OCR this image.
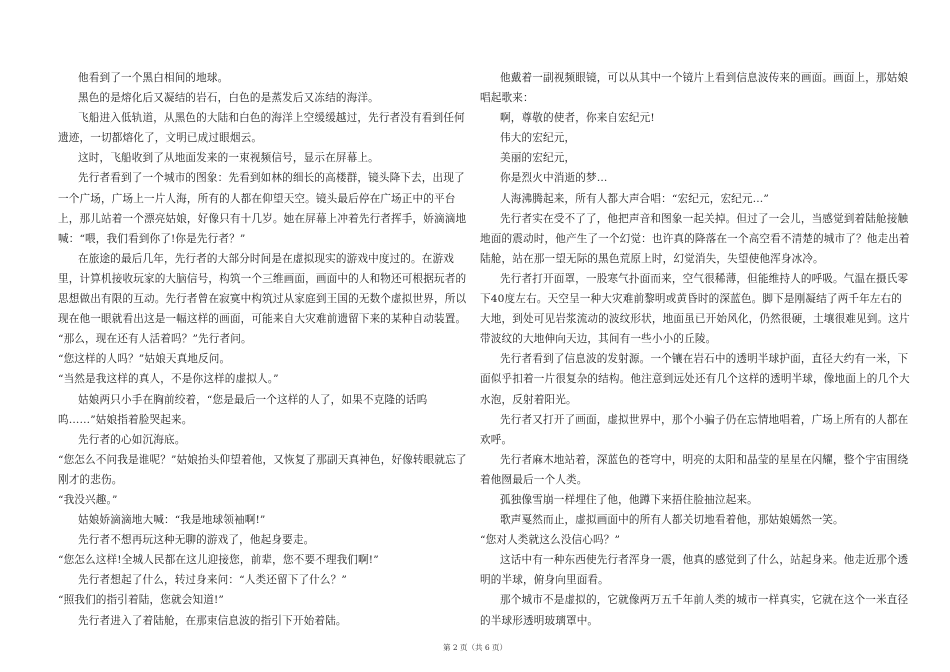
他看到了一个黑白相间的地球。

黑色的是熔化后又凝结的岩石，白色的是蒸发后又冻结的海洋。

飞船进入低轨道，从黑色的大陆和白色的海洋上空缓缓越过，先行者没有看到任何遗迹，一切都熔化了，文明已成过眼烟云。

这时，飞船收到了从地面发来的一束视频信号，显示在屏幕上。

先行者看到了一个城市的图象：先看到如林的细长的高楼群，镜头降下去，出现了一个广场，广场上一片人海，所有的人都在仰望天空。镜头最后停在广场正中的平台上，那儿站着一个漂亮姑娘，好像只有十几岁。她在屏幕上冲着先行者挥手，娇滴滴地喊：“喂，我们看到你了!你是先行者？”

在旅途的最后几年，先行者的大部分时间是在虚拟现实的游戏中度过的。在游戏里，计算机接收玩家的大脑信号，构筑一个三维画面，画面中的人和物还可根据玩者的思想做出有限的互动。先行者曾在寂寞中构筑过从家庭到王国的无数个虚拟世界，所以现在他一眼就看出这是一幅这样的画面，可能来自大灾难前遗留下来的某种自动装置。

“那么，现在还有人活着吗？”先行者问。

“您这样的人吗？”姑娘天真地反问。

“当然是我这样的真人，不是你这样的虚拟人。”

姑娘两只小手在胸前绞着，“您是最后一个这样的人了，如果不克隆的话呜呜……”姑娘指着脸哭起来。

先行者的心如沉海底。

“您怎么不问我是谁呢？”姑娘抬头仰望着他，又恢复了那副天真神色，好像转眼就忘了刚才的悲伤。

“我没兴趣。”

姑娘娇滴滴地大喊：“我是地球领袖啊!”

先行者不想再玩这种无聊的游戏了，他起身要走。

“您怎么这样!全城人民都在这儿迎接您，前辈，您不要不理我们啊!”

先行者想起了什么，转过身来问：“人类还留下了什么？”

“照我们的指引着陆，您就会知道!”

先行者进入了着陆舱，在那束信息波的指引下开始着陆。

他戴着一副视频眼镜，可以从其中一个镜片上看到信息波传来的画面。画面上，那姑娘唱起歌来：

啊，尊敬的使者，你来自宏纪元!

伟大的宏纪元，

美丽的宏纪元，

你是烈火中消逝的梦…

人海沸腾起来，所有人都大声合唱：“宏纪元，宏纪元…”

先行者实在受不了了，他把声音和图象一起关掉。但过了一会儿，当感觉到着陆舱接触地面的震动时，他产生了一个幻觉：也许真的降落在一个高空看不清楚的城市了？他走出着陆舱，站在那一望无际的黑色荒原上时，幻觉消失，失望使他浑身冰冷。

先行者打开面罩，一股寒气扑面而来，空气很稀薄，但能维持人的呼吸。气温在摄氏零下40度左右。天空呈一种大灾难前黎明或黄昏时的深蓝色。脚下是刚凝结了两千年左右的大地，到处可见岩浆流动的波纹形状，地面虽已开始风化，仍然很硬，土壤很难见到。这片带波纹的大地伸向天边，其间有一些小小的丘陵。

先行者看到了信息波的发射源。一个镶在岩石中的透明半球护面，直径大约有一米，下面似乎扣着一片很复杂的结构。他注意到远处还有几个这样的透明半球，像地面上的几个大水泡，反射着阳光。

先行者又打开了画面，虚拟世界中，那个小骗子仍在忘情地唱着，广场上所有的人都在欢呼。

先行者麻木地站着，深蓝色的苍穹中，明亮的太阳和晶莹的星星在闪耀，整个宇宙围绕着他囫最后一个人类。

孤独像雪崩一样埋住了他，他蹲下来捂住脸抽泣起来。

歌声戛然而止，虚拟画面中的所有人都关切地看着他，那姑娘嫣然一笑。

“您对人类就这么没信心吗？”

这话中有一种东西使先行者浑身一震，他真的感觉到了什么，站起身来。他走近那个透明的半球，俯身向里面看。

那个城市不是虚拟的，它就像两万五千年前人类的城市一样真实，它就在这个一米直径的半球形透明玻璃罩中。

第 2 页（共 6 页）
